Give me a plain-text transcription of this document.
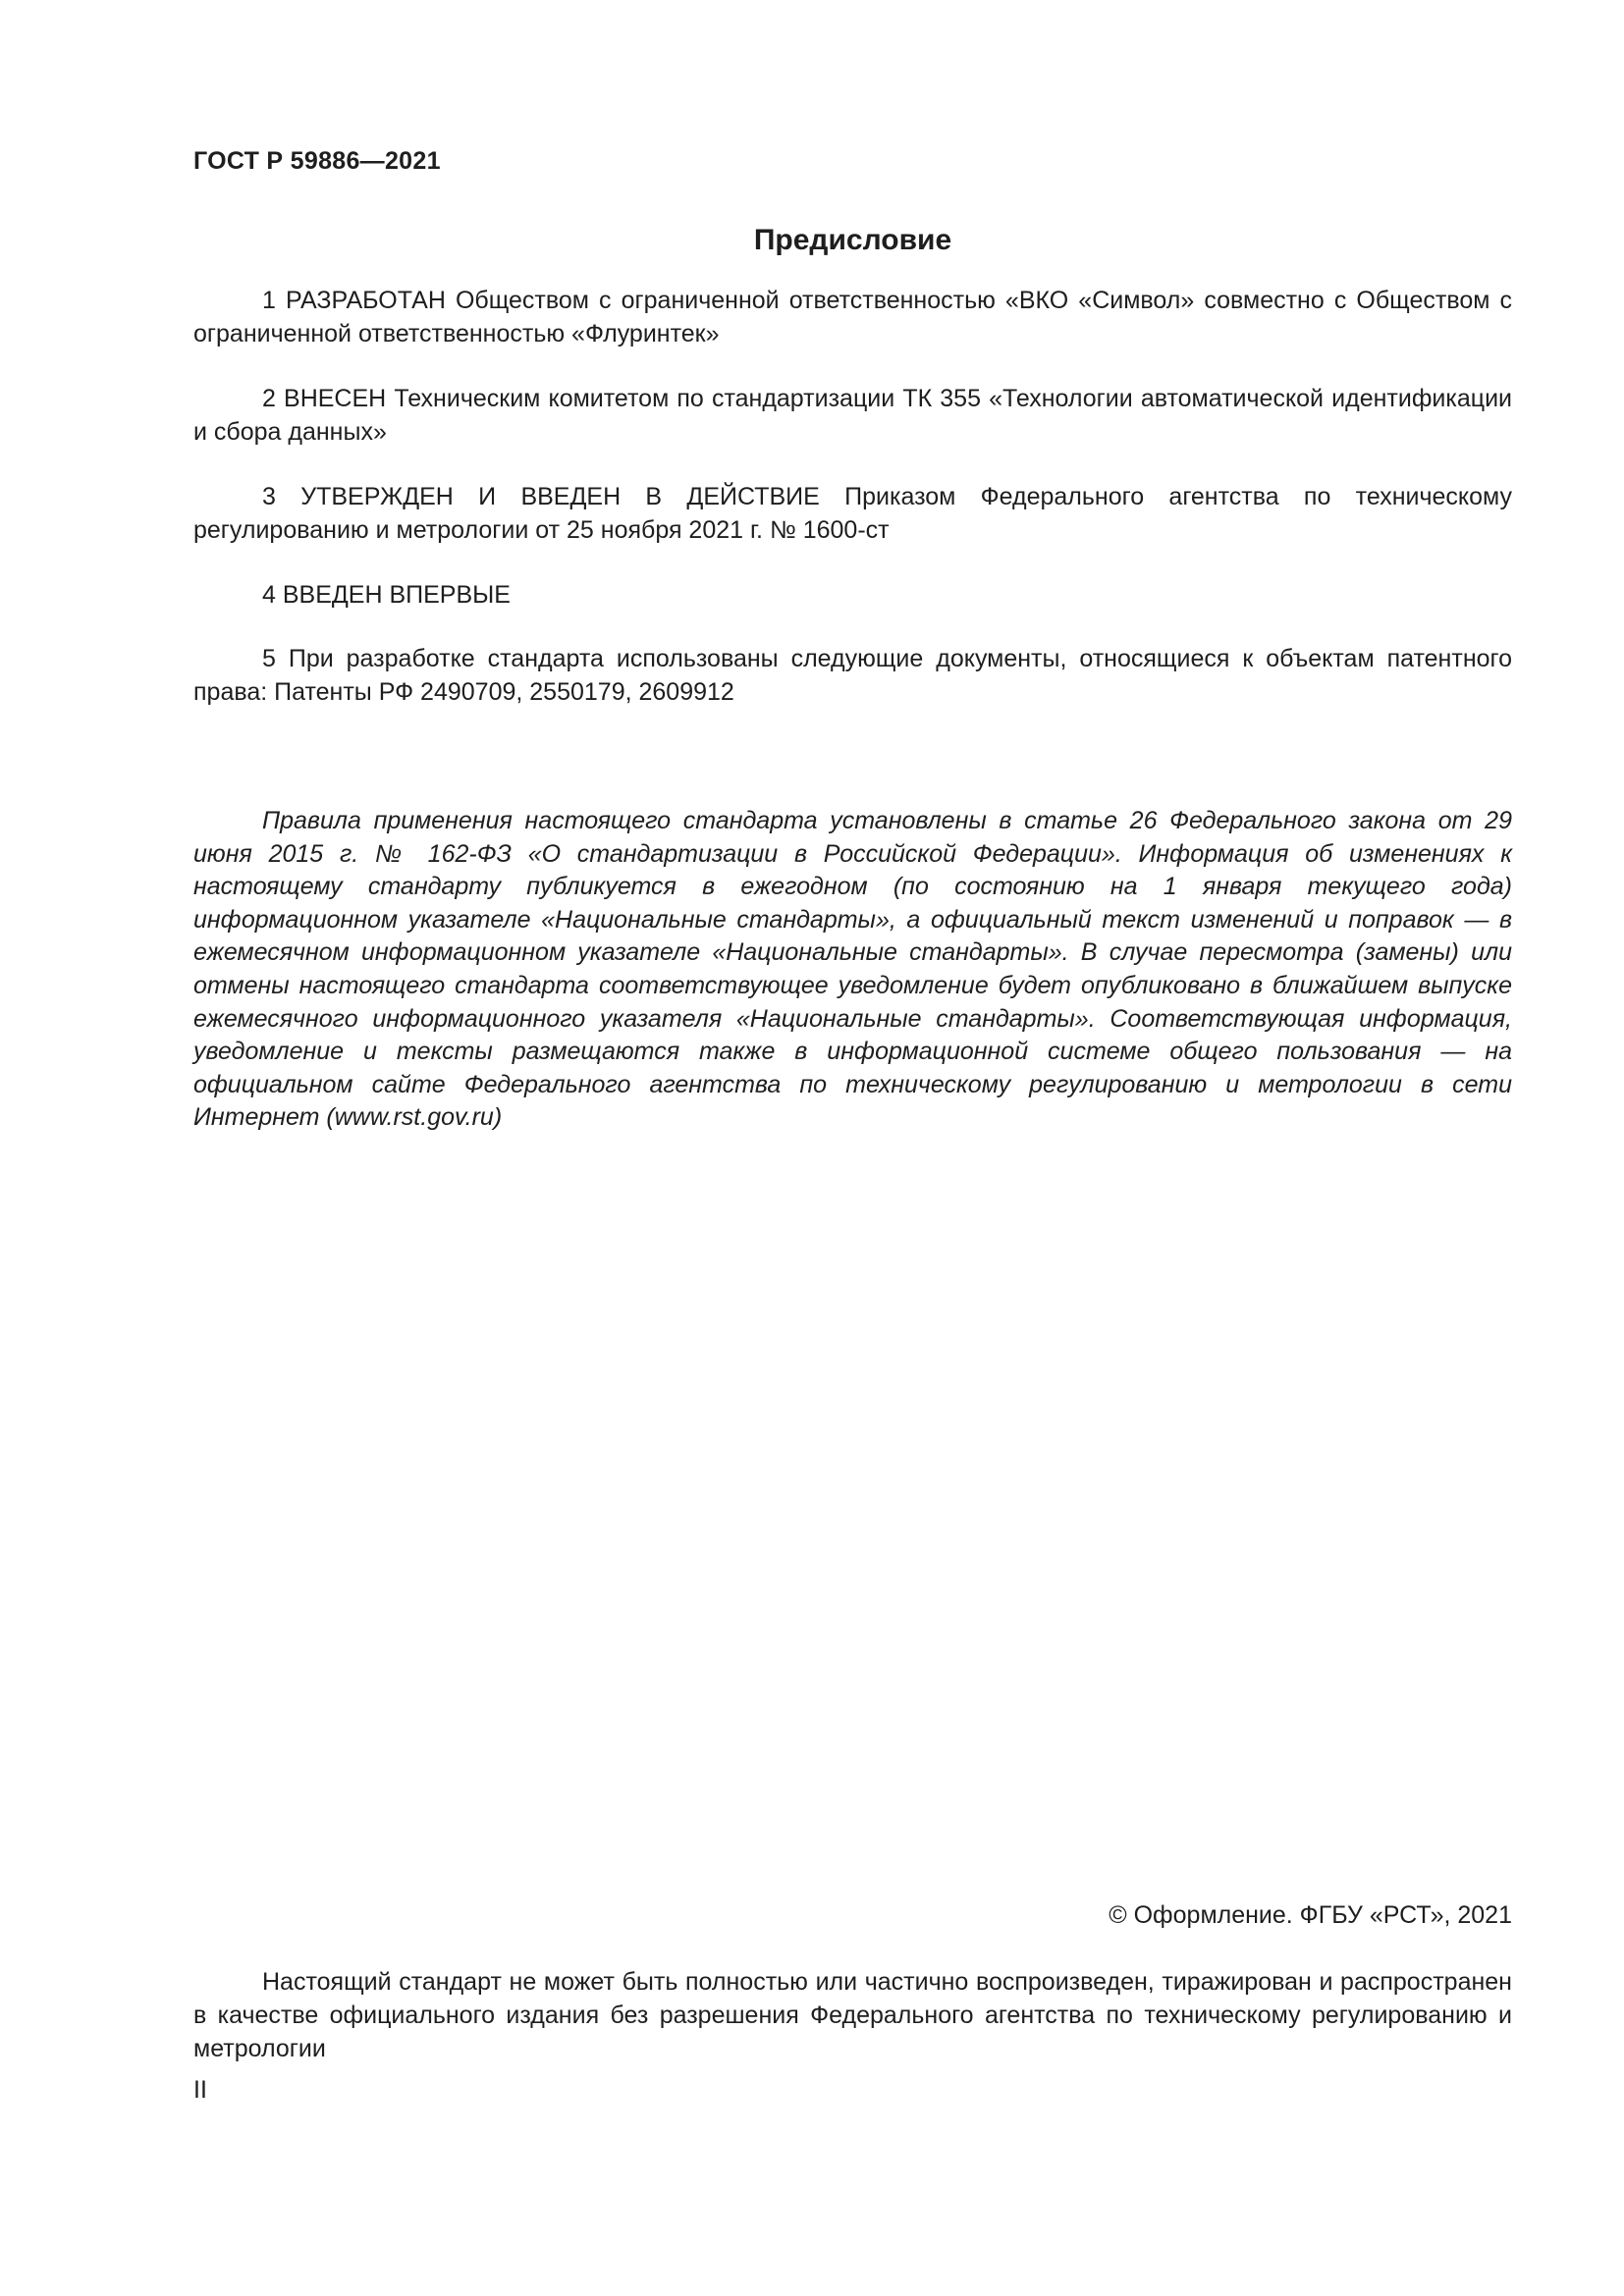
ГОСТ Р 59886—2021
Предисловие
1 РАЗРАБОТАН Обществом с ограниченной ответственностью «ВКО «Символ» совместно с Обществом с ограниченной ответственностью «Флуринтек»
2 ВНЕСЕН Техническим комитетом по стандартизации ТК 355 «Технологии автоматической идентификации и сбора данных»
3 УТВЕРЖДЕН И ВВЕДЕН В ДЕЙСТВИЕ Приказом Федерального агентства по техническому регулированию и метрологии от 25 ноября 2021 г. № 1600-ст
4 ВВЕДЕН ВПЕРВЫЕ
5 При разработке стандарта использованы следующие документы, относящиеся к объектам патентного права: Патенты РФ 2490709, 2550179, 2609912
Правила применения настоящего стандарта установлены в статье 26 Федерального закона от 29 июня 2015 г. № 162-ФЗ «О стандартизации в Российской Федерации». Информация об изменениях к настоящему стандарту публикуется в ежегодном (по состоянию на 1 января текущего года) информационном указателе «Национальные стандарты», а официальный текст изменений и поправок — в ежемесячном информационном указателе «Национальные стандарты». В случае пересмотра (замены) или отмены настоящего стандарта соответствующее уведомление будет опубликовано в ближайшем выпуске ежемесячного информационного указателя «Национальные стандарты». Соответствующая информация, уведомление и тексты размещаются также в информационной системе общего пользования — на официальном сайте Федерального агентства по техническому регулированию и метрологии в сети Интернет (www.rst.gov.ru)
© Оформление. ФГБУ «РСТ», 2021
Настоящий стандарт не может быть полностью или частично воспроизведен, тиражирован и распространен в качестве официального издания без разрешения Федерального агентства по техническому регулированию и метрологии
II
